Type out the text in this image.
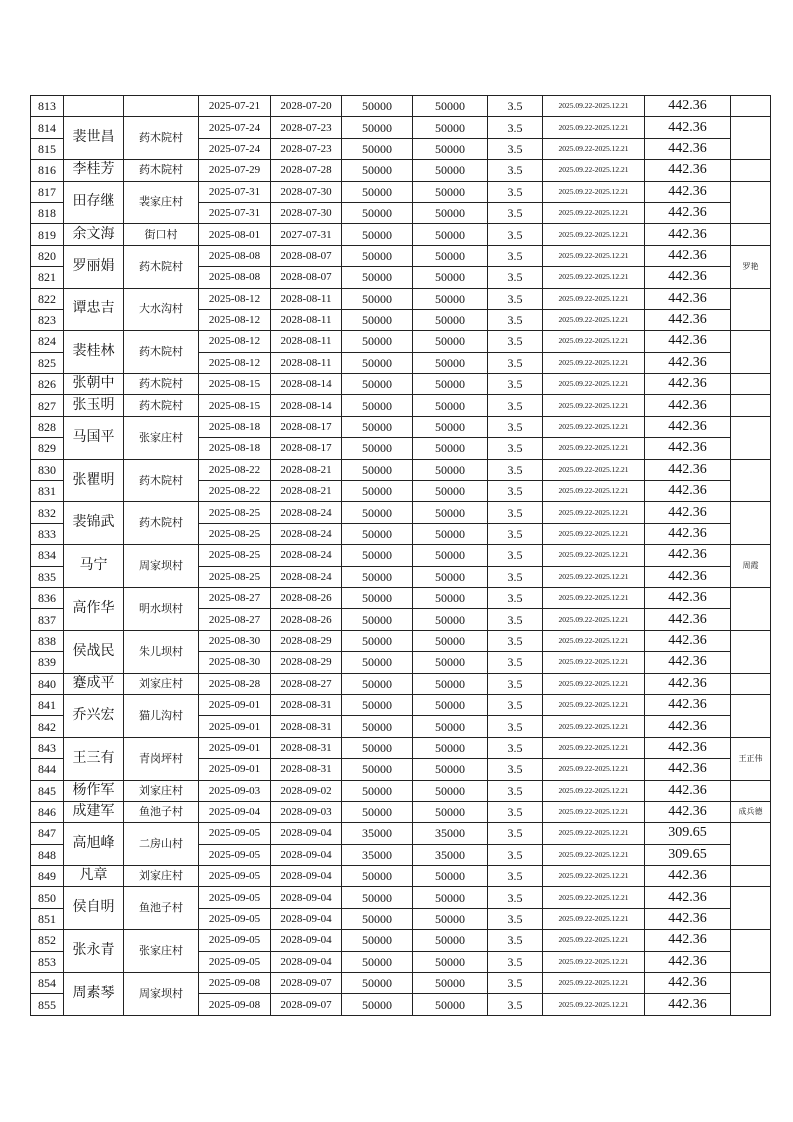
813			2025-07-21	2028-07-20	50000	50000	3.5	2025.09.22-2025.12.21	442.36	
814	裴世昌	药木院村	2025-07-24	2028-07-23	50000	50000	3.5	2025.09.22-2025.12.21	442.36	
815			2025-07-24	2028-07-23	50000	50000	3.5	2025.09.22-2025.12.21	442.36	
816	李桂芳	药木院村	2025-07-29	2028-07-28	50000	50000	3.5	2025.09.22-2025.12.21	442.36	
817	田存继	裴家庄村	2025-07-31	2028-07-30	50000	50000	3.5	2025.09.22-2025.12.21	442.36	
818			2025-07-31	2028-07-30	50000	50000	3.5	2025.09.22-2025.12.21	442.36	
819	余文海	街口村	2025-08-01	2027-07-31	50000	50000	3.5	2025.09.22-2025.12.21	442.36	
820	罗丽娟	药木院村	2025-08-08	2028-08-07	50000	50000	3.5	2025.09.22-2025.12.21	442.36	罗艳
821			2025-08-08	2028-08-07	50000	50000	3.5	2025.09.22-2025.12.21	442.36	
822	谭忠吉	大水沟村	2025-08-12	2028-08-11	50000	50000	3.5	2025.09.22-2025.12.21	442.36	
823			2025-08-12	2028-08-11	50000	50000	3.5	2025.09.22-2025.12.21	442.36	
824	裴桂林	药木院村	2025-08-12	2028-08-11	50000	50000	3.5	2025.09.22-2025.12.21	442.36	
825			2025-08-12	2028-08-11	50000	50000	3.5	2025.09.22-2025.12.21	442.36	
826	张朝中	药木院村	2025-08-15	2028-08-14	50000	50000	3.5	2025.09.22-2025.12.21	442.36	
827	张玉明	药木院村	2025-08-15	2028-08-14	50000	50000	3.5	2025.09.22-2025.12.21	442.36	
828	马国平	张家庄村	2025-08-18	2028-08-17	50000	50000	3.5	2025.09.22-2025.12.21	442.36	
829			2025-08-18	2028-08-17	50000	50000	3.5	2025.09.22-2025.12.21	442.36	
830	张瞿明	药木院村	2025-08-22	2028-08-21	50000	50000	3.5	2025.09.22-2025.12.21	442.36	
831			2025-08-22	2028-08-21	50000	50000	3.5	2025.09.22-2025.12.21	442.36	
832	裴锦武	药木院村	2025-08-25	2028-08-24	50000	50000	3.5	2025.09.22-2025.12.21	442.36	
833			2025-08-25	2028-08-24	50000	50000	3.5	2025.09.22-2025.12.21	442.36	
834	马宁	周家坝村	2025-08-25	2028-08-24	50000	50000	3.5	2025.09.22-2025.12.21	442.36	周霞
835			2025-08-25	2028-08-24	50000	50000	3.5	2025.09.22-2025.12.21	442.36	
836	高作华	明水坝村	2025-08-27	2028-08-26	50000	50000	3.5	2025.09.22-2025.12.21	442.36	
837			2025-08-27	2028-08-26	50000	50000	3.5	2025.09.22-2025.12.21	442.36	
838	侯战民	朱儿坝村	2025-08-30	2028-08-29	50000	50000	3.5	2025.09.22-2025.12.21	442.36	
839			2025-08-30	2028-08-29	50000	50000	3.5	2025.09.22-2025.12.21	442.36	
840	蹇成平	刘家庄村	2025-08-28	2028-08-27	50000	50000	3.5	2025.09.22-2025.12.21	442.36	
841	乔兴宏	猫儿沟村	2025-09-01	2028-08-31	50000	50000	3.5	2025.09.22-2025.12.21	442.36	
842			2025-09-01	2028-08-31	50000	50000	3.5	2025.09.22-2025.12.21	442.36	
843	王三有	青岗坪村	2025-09-01	2028-08-31	50000	50000	3.5	2025.09.22-2025.12.21	442.36	王正伟
844			2025-09-01	2028-08-31	50000	50000	3.5	2025.09.22-2025.12.21	442.36	
845	杨作军	刘家庄村	2025-09-03	2028-09-02	50000	50000	3.5	2025.09.22-2025.12.21	442.36	
846	成建军	鱼池子村	2025-09-04	2028-09-03	50000	50000	3.5	2025.09.22-2025.12.21	442.36	成兵德
847	高旭峰	二房山村	2025-09-05	2028-09-04	35000	35000	3.5	2025.09.22-2025.12.21	309.65	
848			2025-09-05	2028-09-04	35000	35000	3.5	2025.09.22-2025.12.21	309.65	
849	凡章	刘家庄村	2025-09-05	2028-09-04	50000	50000	3.5	2025.09.22-2025.12.21	442.36	
850	侯自明	鱼池子村	2025-09-05	2028-09-04	50000	50000	3.5	2025.09.22-2025.12.21	442.36	
851			2025-09-05	2028-09-04	50000	50000	3.5	2025.09.22-2025.12.21	442.36	
852	张永青	张家庄村	2025-09-05	2028-09-04	50000	50000	3.5	2025.09.22-2025.12.21	442.36	
853			2025-09-05	2028-09-04	50000	50000	3.5	2025.09.22-2025.12.21	442.36	
854	周素琴	周家坝村	2025-09-08	2028-09-07	50000	50000	3.5	2025.09.22-2025.12.21	442.36	
855			2025-09-08	2028-09-07	50000	50000	3.5	2025.09.22-2025.12.21	442.36	
